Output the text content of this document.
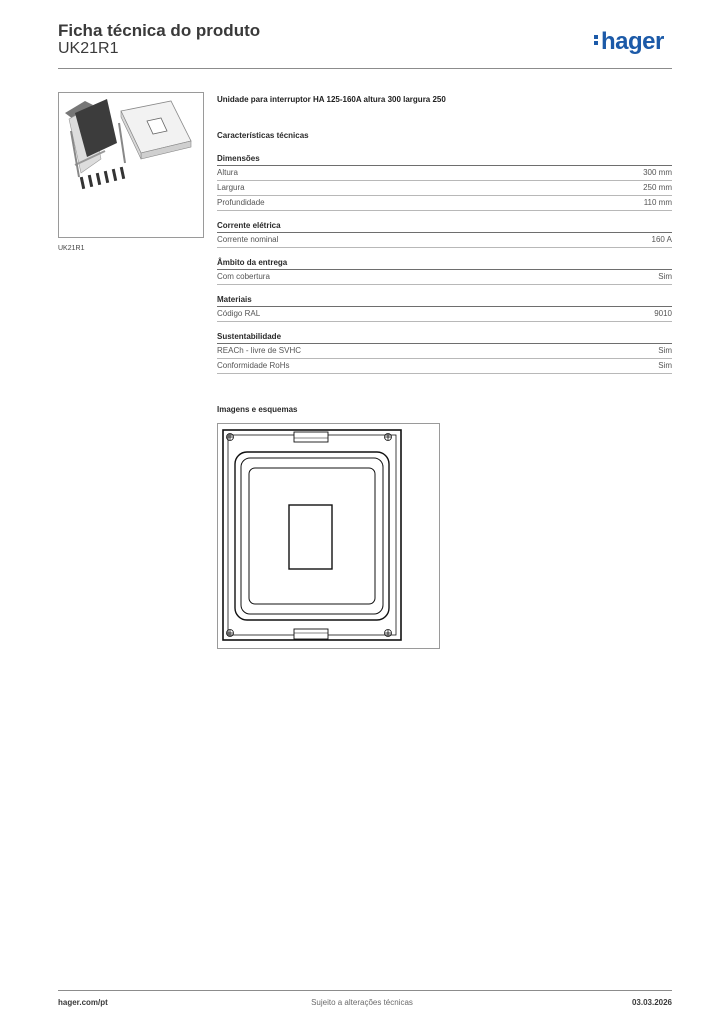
Ficha técnica do produto
UK21R1	hager
UK21R1
Unidade para interruptor HA 125-160A altura 300 largura 250
Características técnicas
Dimensões
Altura	300 mm
Largura	250 mm
Profundidade	110 mm
Corrente elétrica
Corrente nominal	160 A
Âmbito da entrega
Com cobertura	Sim
Materiais
Código RAL	9010
Sustentabilidade
REACh - livre de SVHC	Sim
Conformidade RoHs	Sim
Imagens e esquemas
hager.com/pt	Sujeito a alterações técnicas	03.03.2026
